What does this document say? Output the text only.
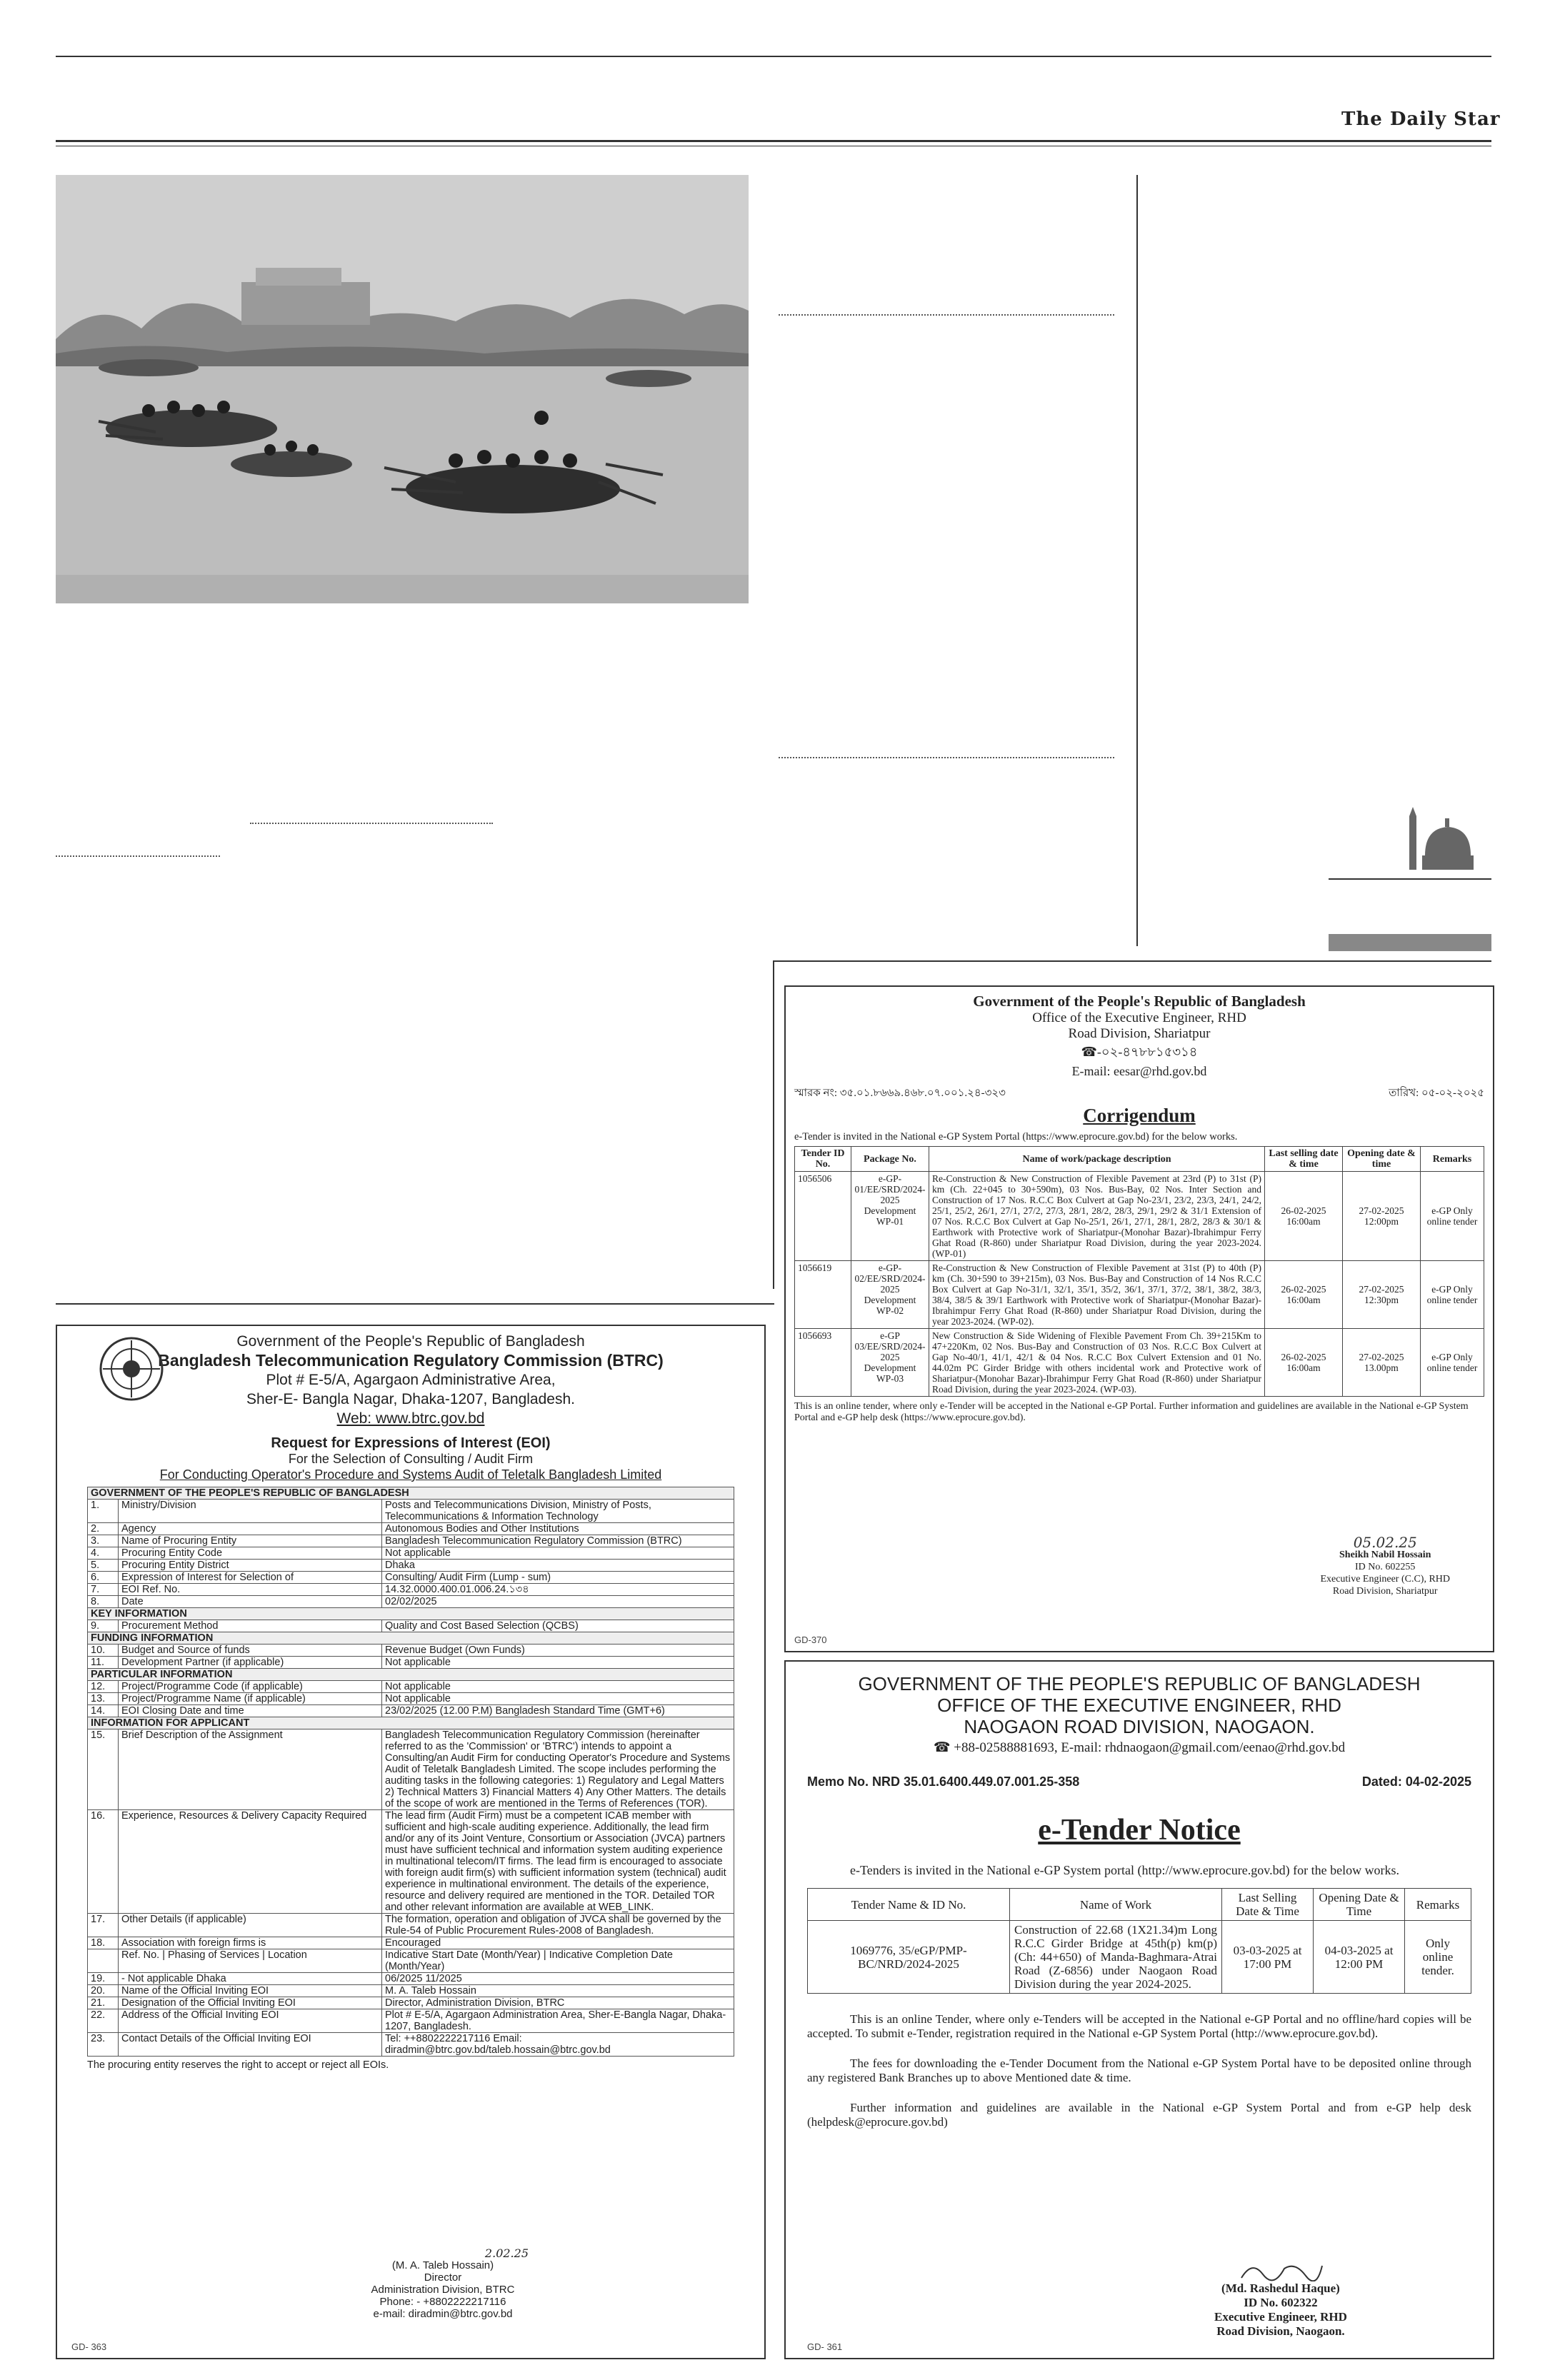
The Daily Star
Government of the People's Republic of Bangladesh
Office of the Executive Engineer, RHD
Road Division, Shariatpur
☎-০২-৪৭৮৮১৫৩১৪
E-mail: eesar@rhd.gov.bd
স্মারক নং: ৩৫.০১.৮৬৬৯.৪৬৮.০৭.০০১.২৪-৩২৩	তারিখ: ০৫-০২-২০২৫
Corrigendum
e-Tender is invited in the National e-GP System Portal (https://www.eprocure.gov.bd) for the below works.
Tender ID No.	Package No.	Name of work/package description	Last selling date & time	Opening date & time	Remarks
1056506	e-GP-01/EE/SRD/2024-2025 Development WP-01	Re-Construction & New Construction of Flexible Pavement at 23rd (P) to 31st (P) km (Ch. 22+045 to 30+590m), 03 Nos. Bus-Bay, 02 Nos. Inter Section and Construction of 17 Nos. R.C.C Box Culvert at Gap No-23/1, 23/2, 23/3, 24/1, 24/2, 25/1, 25/2, 26/1, 27/1, 27/2, 27/3, 28/1, 28/2, 28/3, 29/1, 29/2 & 31/1 Extension of 07 Nos. R.C.C Box Culvert at Gap No-25/1, 26/1, 27/1, 28/1, 28/2, 28/3 & 30/1 & Earthwork with Protective work of Shariatpur-(Monohar Bazar)-Ibrahimpur Ferry Ghat Road (R-860) under Shariatpur Road Division, during the year 2023-2024. (WP-01)	26-02-2025 16:00am	27-02-2025 12:00pm	e-GP Only online tender
1056619	e-GP-02/EE/SRD/2024-2025 Development WP-02	Re-Construction & New Construction of Flexible Pavement at 31st (P) to 40th (P) km (Ch. 30+590 to 39+215m), 03 Nos. Bus-Bay and Construction of 14 Nos R.C.C Box Culvert at Gap No-31/1, 32/1, 35/1, 35/2, 36/1, 37/1, 37/2, 38/1, 38/2, 38/3, 38/4, 38/5 & 39/1 Earthwork with Protective work of Shariatpur-(Monohar Bazar)-Ibrahimpur Ferry Ghat Road (R-860) under Shariatpur Road Division, during the year 2023-2024. (WP-02).	26-02-2025 16:00am	27-02-2025 12:30pm	e-GP Only online tender
1056693	e-GP 03/EE/SRD/2024-2025 Development WP-03	New Construction & Side Widening of Flexible Pavement From Ch. 39+215Km to 47+220Km, 02 Nos. Bus-Bay and Construction of 03 Nos. R.C.C Box Culvert at Gap No-40/1, 41/1, 42/1 & 04 Nos. R.C.C Box Culvert Extension and 01 No. 44.02m PC Girder Bridge with others incidental work and Protective work of Shariatpur-(Monohar Bazar)-Ibrahimpur Ferry Ghat Road (R-860) under Shariatpur Road Division, during the year 2023-2024. (WP-03).	26-02-2025 16:00am	27-02-2025 13.00pm	e-GP Only online tender
This is an online tender, where only e-Tender will be accepted in the National e-GP Portal. Further information and guidelines are available in the National e-GP System Portal and e-GP help desk (https://www.eprocure.gov.bd).
05.02.25
Sheikh Nabil Hossain
ID No. 602255
Executive Engineer (C.C), RHD
Road Division, Shariatpur
GD-370
GOVERNMENT OF THE PEOPLE'S REPUBLIC OF BANGLADESH
OFFICE OF THE EXECUTIVE ENGINEER, RHD
NAOGAON ROAD DIVISION, NAOGAON.
☎ +88-02588881693, E-mail: rhdnaogaon@gmail.com/eenao@rhd.gov.bd
Memo No. NRD 35.01.6400.449.07.001.25-358	Dated: 04-02-2025
e-Tender Notice
e-Tenders is invited in the National e-GP System portal (http://www.eprocure.gov.bd) for the below works.
Tender Name & ID No.	Name of Work	Last Selling Date & Time	Opening Date & Time	Remarks
1069776, 35/eGP/PMP-BC/NRD/2024-2025	Construction of 22.68 (1X21.34)m Long R.C.C Girder Bridge at 45th(p) km(p) (Ch: 44+650) of Manda-Baghmara-Atrai Road (Z-6856) under Naogaon Road Division during the year 2024-2025.	03-03-2025 at 17:00 PM	04-03-2025 at 12:00 PM	Only online tender.
This is an online Tender, where only e-Tenders will be accepted in the National e-GP Portal and no offline/hard copies will be accepted. To submit e-Tender, registration required in the National e-GP System Portal (http://www.eprocure.gov.bd).
The fees for downloading the e-Tender Document from the National e-GP System Portal have to be deposited online through any registered Bank Branches up to above Mentioned date & time.
Further information and guidelines are available in the National e-GP System Portal and from e-GP help desk (helpdesk@eprocure.gov.bd)
(Md. Rashedul Haque)
ID No. 602322
Executive Engineer, RHD
Road Division, Naogaon.
GD- 361
Government of the People's Republic of Bangladesh
Bangladesh Telecommunication Regulatory Commission (BTRC)
Plot # E-5/A, Agargaon Administrative Area,
Sher-E- Bangla Nagar, Dhaka-1207, Bangladesh.
Web: www.btrc.gov.bd
Request for Expressions of Interest (EOI)
For the Selection of Consulting / Audit Firm
For Conducting Operator's Procedure and Systems Audit of Teletalk Bangladesh Limited
GOVERNMENT OF THE PEOPLE'S REPUBLIC OF BANGLADESH		
1.	Ministry/Division	Posts and Telecommunications Division, Ministry of Posts, Telecommunications & Information Technology
2.	Agency	Autonomous Bodies and Other Institutions
3.	Name of Procuring Entity	Bangladesh Telecommunication Regulatory Commission (BTRC)
4.	Procuring Entity Code	Not applicable
5.	Procuring Entity District	Dhaka
6.	Expression of Interest for Selection of	Consulting/ Audit Firm (Lump - sum)
7.	EOI Ref. No.	14.32.0000.400.01.006.24.১৩৪
8.	Date	02/02/2025
KEY INFORMATION		
9.	Procurement Method	Quality and Cost Based Selection (QCBS)
FUNDING INFORMATION		
10.	Budget and Source of funds	Revenue Budget (Own Funds)
11.	Development Partner (if applicable)	Not applicable
PARTICULAR INFORMATION		
12.	Project/Programme Code (if applicable)	Not applicable
13.	Project/Programme Name (if applicable)	Not applicable
14.	EOI Closing Date and time	23/02/2025 (12.00 P.M) Bangladesh Standard Time (GMT+6)
INFORMATION FOR APPLICANT		
15.	Brief Description of the Assignment	Bangladesh Telecommunication Regulatory Commission (hereinafter referred to as the 'Commission' or 'BTRC') intends to appoint a Consulting/an Audit Firm for conducting Operator's Procedure and Systems Audit of Teletalk Bangladesh Limited. The scope includes performing the auditing tasks in the following categories: 1) Regulatory and Legal Matters 2) Technical Matters 3) Financial Matters 4) Any Other Matters. The details of the scope of work are mentioned in the Terms of References (TOR).
16.	Experience, Resources & Delivery Capacity Required	The lead firm (Audit Firm) must be a competent ICAB member with sufficient and high-scale auditing experience. Additionally, the lead firm and/or any of its Joint Venture, Consortium or Association (JVCA) partners must have sufficient technical and information system auditing experience in multinational telecom/IT firms. The lead firm is encouraged to associate with foreign audit firm(s) with sufficient information system (technical) audit experience in multinational environment. The details of the experience, resource and delivery required are mentioned in the TOR. Detailed TOR and other relevant information are available at WEB_LINK.
17.	Other Details (if applicable)	The formation, operation and obligation of JVCA shall be governed by the Rule-54 of Public Procurement Rules-2008 of Bangladesh.
18.	Association with foreign firms is	Encouraged
	Ref. No. | Phasing of Services | Location	Indicative Start Date (Month/Year) | Indicative Completion Date (Month/Year)
19.	- Not applicable Dhaka	06/2025 11/2025
20.	Name of the Official Inviting EOI	M. A. Taleb Hossain
21.	Designation of the Official Inviting EOI	Director, Administration Division, BTRC
22.	Address of the Official Inviting EOI	Plot # E-5/A, Agargaon Administration Area, Sher-E-Bangla Nagar, Dhaka-1207, Bangladesh.
23.	Contact Details of the Official Inviting EOI	Tel: ++8802222217116 Email: diradmin@btrc.gov.bd/taleb.hossain@btrc.gov.bd
The procuring entity reserves the right to accept or reject all EOIs.
2.02.25
(M. A. Taleb Hossain)
Director
Administration Division, BTRC
Phone: - +8802222217116
e-mail: diradmin@btrc.gov.bd
GD- 363
